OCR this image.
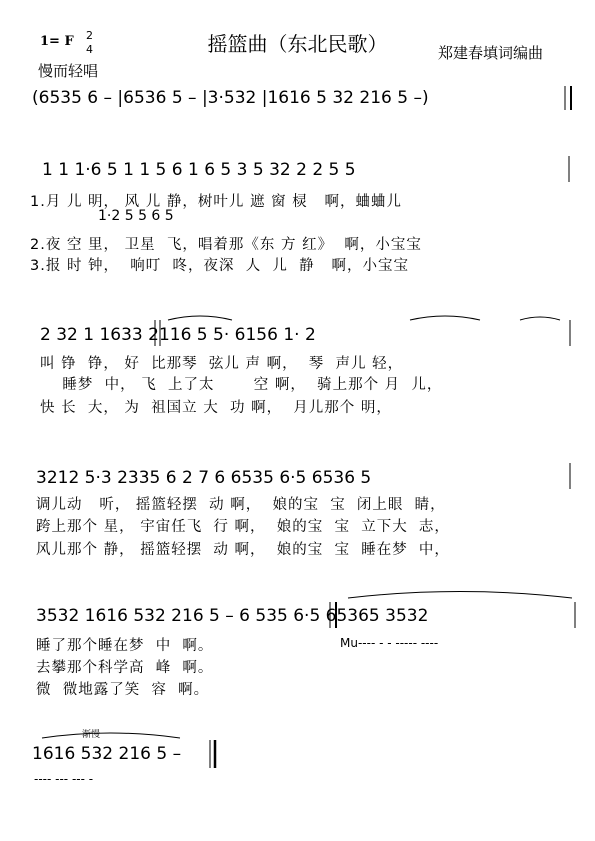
摇篮曲（东北民歌）
1= F 2
4
慢而轻唱
郑建春填词编曲
(6535 6 – |6536 5 – |3·532 |1616 5 32 216 5 –)
1 1 1·6 5 1 1 5 6 1 6 5 3 5 32 2 2 5 5
1.月 儿 明， 风 儿 静，树叶儿 遮 窗 棂   啊，蛐蛐儿
1·2 5 5 6 5
2.夜 空 里， 卫星  飞，唱着那《东 方 红》  啊，小宝宝
3.报 时 钟，  响叮  咚，夜深  人  儿  静   啊，小宝宝
2 32 1 1633 2116 5 5· 6156 1· 2
叫 铮  铮， 好  比那琴  弦儿 声 啊，  琴  声儿 轻，
睡梦  中， 飞  上了太       空 啊，  骑上那个 月  儿，
快 长  大， 为  祖国立 大  功 啊，  月儿那个 明，
3212 5·3 2335 6 2 7 6 6535 6·5 6536 5
调儿动   听， 摇篮轻摆  动 啊，  娘的宝  宝  闭上眼  睛，
跨上那个 星， 宇宙任飞  行 啊，  娘的宝  宝  立下大  志，
风儿那个 静， 摇篮轻摆  动 啊，  娘的宝  宝  睡在梦  中，
3532 1616 532 216 5 – 6 535 6·5 65365 3532
睡了那个睡在梦  中  啊。	Mu---- - - ----- ----
去攀那个科学高  峰  啊。
微  微地露了笑  容  啊。
渐慢
1616 532 216 5 –
---- --- --- -
